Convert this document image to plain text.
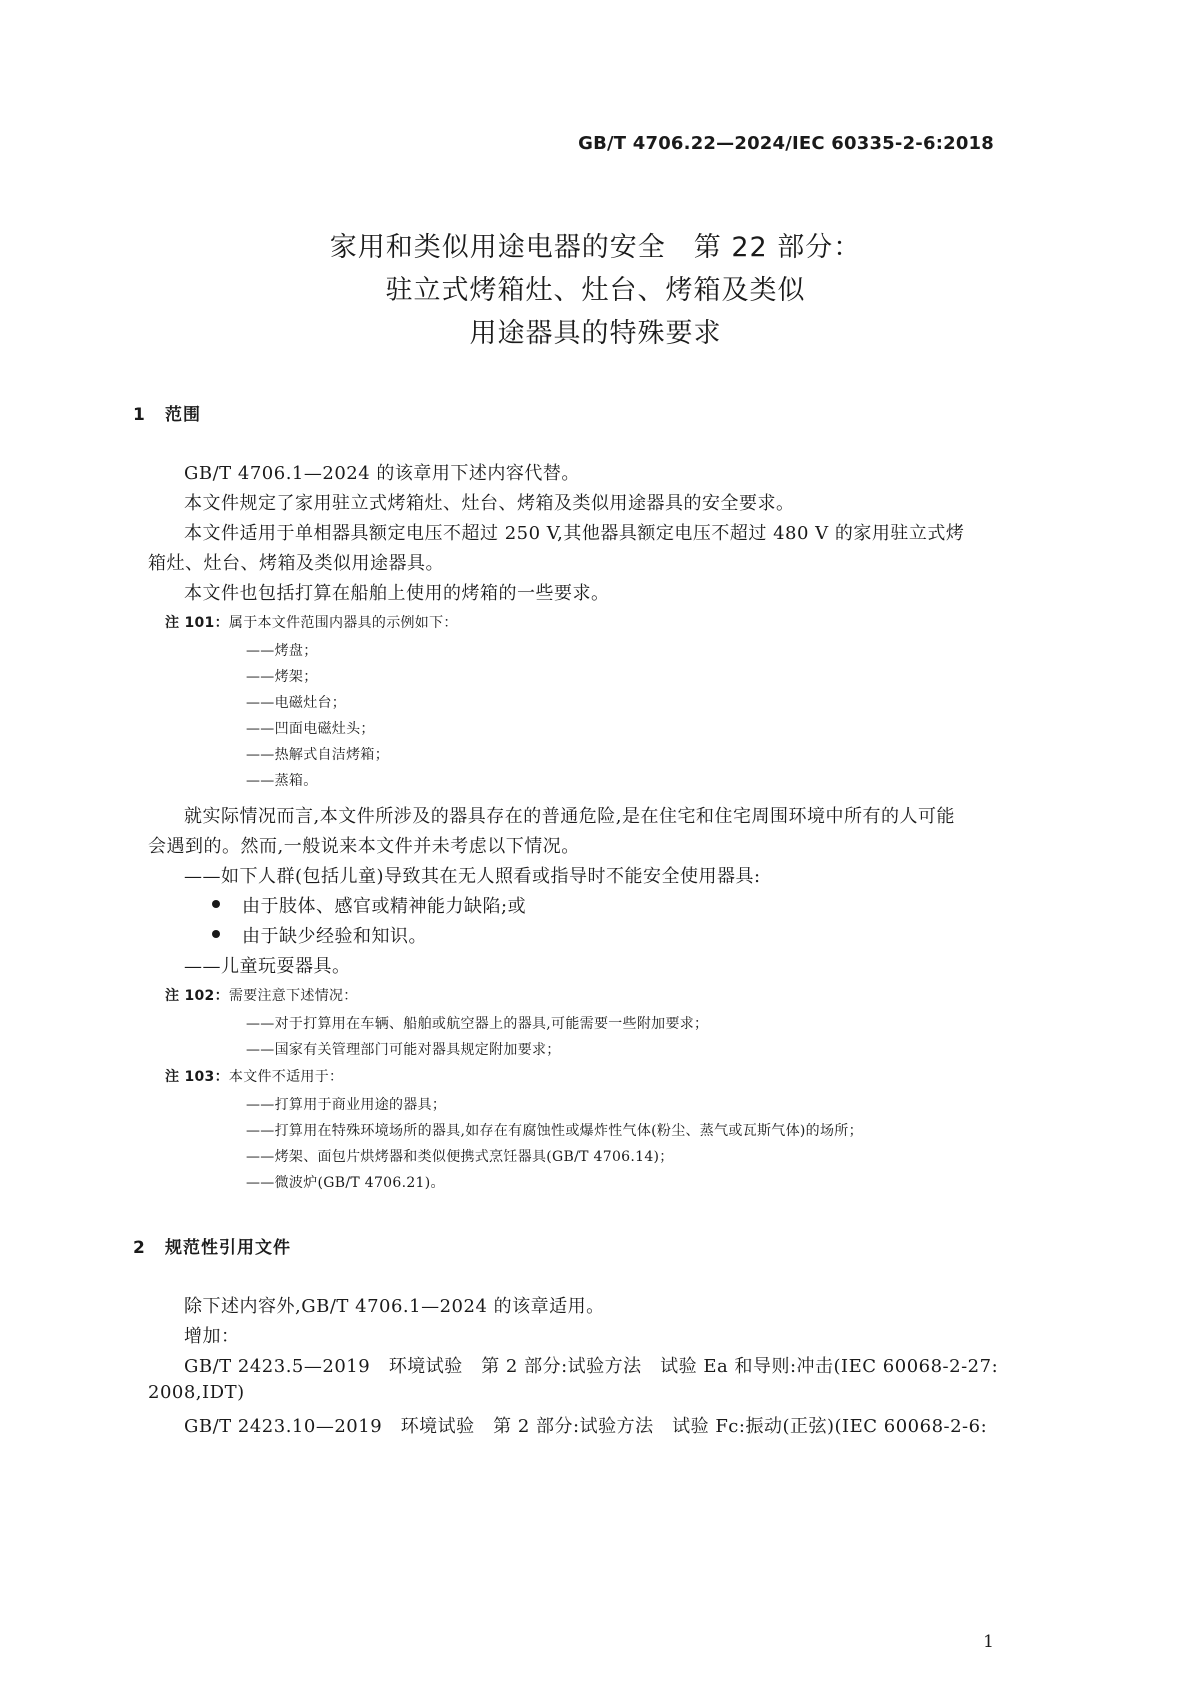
GB/T 4706.22—2024/IEC 60335-2-6:2018
家用和类似用途电器的安全　第 22 部分：
驻立式烤箱灶、灶台、烤箱及类似
用途器具的特殊要求
1 范围
GB/T 4706.1—2024 的该章用下述内容代替。
本文件规定了家用驻立式烤箱灶、灶台、烤箱及类似用途器具的安全要求。
本文件适用于单相器具额定电压不超过 250 V,其他器具额定电压不超过 480 V 的家用驻立式烤
箱灶、灶台、烤箱及类似用途器具。
本文件也包括打算在船舶上使用的烤箱的一些要求。
注 101：属于本文件范围内器具的示例如下：
——烤盘；
——烤架；
——电磁灶台；
——凹面电磁灶头；
——热解式自洁烤箱；
——蒸箱。
就实际情况而言,本文件所涉及的器具存在的普通危险,是在住宅和住宅周围环境中所有的人可能
会遇到的。然而,一般说来本文件并未考虑以下情况。
——如下人群(包括儿童)导致其在无人照看或指导时不能安全使用器具:
由于肢体、感官或精神能力缺陷;或
由于缺少经验和知识。
——儿童玩耍器具。
注 102：需要注意下述情况：
——对于打算用在车辆、船舶或航空器上的器具,可能需要一些附加要求；
——国家有关管理部门可能对器具规定附加要求；
注 103：本文件不适用于：
——打算用于商业用途的器具；
——打算用在特殊环境场所的器具,如存在有腐蚀性或爆炸性气体(粉尘、蒸气或瓦斯气体)的场所；
——烤架、面包片烘烤器和类似便携式烹饪器具(GB/T 4706.14)；
——微波炉(GB/T 4706.21)。
2 规范性引用文件
除下述内容外,GB/T 4706.1—2024 的该章适用。
增加：
GB/T 2423.5—2019　环境试验　第 2 部分:试验方法　试验 Ea 和导则:冲击(IEC 60068-2-27:
2008,IDT)
GB/T 2423.10—2019　环境试验　第 2 部分:试验方法　试验 Fc:振动(正弦)(IEC 60068-2-6:
1
